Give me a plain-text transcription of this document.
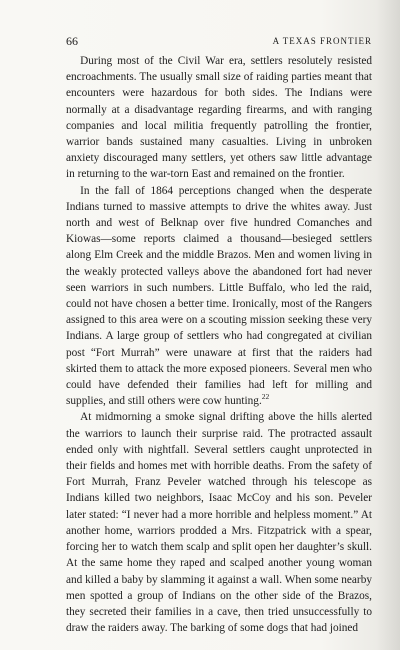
66	A TEXAS FRONTIER

During most of the Civil War era, settlers resolutely resisted encroachments. The usually small size of raiding parties meant that encounters were hazardous for both sides. The Indians were normally at a disadvantage regarding firearms, and with ranging companies and local militia frequently patrolling the frontier, warrior bands sustained many casualties. Living in unbroken anxiety discouraged many settlers, yet others saw little advantage in returning to the war-torn East and remained on the frontier.

In the fall of 1864 perceptions changed when the desperate Indians turned to massive attempts to drive the whites away. Just north and west of Belknap over five hundred Comanches and Kiowas—some reports claimed a thousand—besieged settlers along Elm Creek and the middle Brazos. Men and women living in the weakly protected valleys above the abandoned fort had never seen warriors in such numbers. Little Buffalo, who led the raid, could not have chosen a better time. Ironically, most of the Rangers assigned to this area were on a scouting mission seeking these very Indians. A large group of settlers who had congregated at civilian post “Fort Murrah” were unaware at first that the raiders had skirted them to attack the more exposed pioneers. Several men who could have defended their families had left for milling and supplies, and still others were cow hunting.$^{22}$

At midmorning a smoke signal drifting above the hills alerted the warriors to launch their surprise raid. The protracted assault ended only with nightfall. Several settlers caught unprotected in their fields and homes met with horrible deaths. From the safety of Fort Murrah, Franz Peveler watched through his telescope as Indians killed two neighbors, Isaac McCoy and his son. Peveler later stated: “I never had a more horrible and helpless moment.” At another home, warriors prodded a Mrs. Fitzpatrick with a spear, forcing her to watch them scalp and split open her daughter’s skull. At the same home they raped and scalped another young woman and killed a baby by slamming it against a wall. When some nearby men spotted a group of Indians on the other side of the Brazos, they secreted their families in a cave, then tried unsuccessfully to draw the raiders away. The barking of some dogs that had joined
